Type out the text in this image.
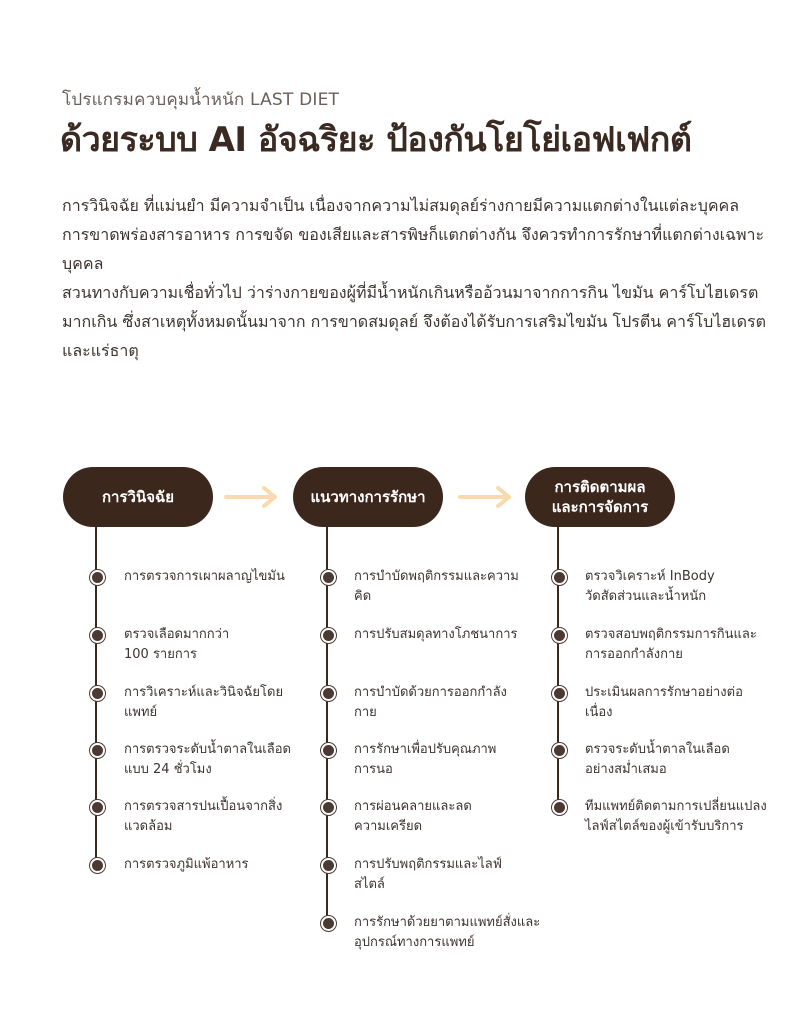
โปรแกรมควบคุมน้ำหนัก LAST DIET
ด้วยระบบ AI อัจฉริยะ ป้องกันโยโย่เอฟเฟกต์

การวินิจฉัย ที่แม่นยำ มีความจำเป็น เนื่องจากความไม่สมดุลย์ร่างกายมีความแตกต่างในแต่ละบุคคล การขาดพร่องสารอาหาร การขจัด ของเสียและสารพิษก็แตกต่างกัน จึงควรทำการรักษาที่แตกต่างเฉพาะบุคคล

สวนทางกับความเชื่อทั่วไป ว่าร่างกายของผู้ที่มีน้ำหนักเกินหรืออ้วนมาจากการกิน ไขมัน คาร์โบไฮเดรต มากเกิน ซึ่งสาเหตุทั้งหมดนั้นมาจาก การขาดสมดุลย์ จึงต้องได้รับการเสริมไขมัน โปรตีน คาร์โบไฮเดรต และแร่ธาตุ

การวินิจฉัย	แนวทางการรักษา
การติดตามผลและการจัดการ
การตรวจการเผาผลาญไขมัน
ตรวจเลือดมากกว่า
100 รายการ
การวิเคราะห์และวินิจฉัยโดยแพทย์
การตรวจระดับน้ำตาลในเลือดแบบ 24 ชั่วโมง
การตรวจสารปนเปื้อนจากสิ่งแวดล้อม
การตรวจภูมิแพ้อาหาร
การบำบัดพฤติกรรมและความคิด
การปรับสมดุลทางโภชนาการ
การบำบัดด้วยการออกกำลังกาย
การรักษาเพื่อปรับคุณภาพการนอ
การผ่อนคลายและลดความเครียด
การปรับพฤติกรรมและไลฟ์สไตล์
การรักษาด้วยยาตามแพทย์สั่งและอุปกรณ์ทางการแพทย์
ตรวจวิเคราะห์ InBody
วัดสัดส่วนและน้ำหนัก
ตรวจสอบพฤติกรรมการกินและการออกกำลังกาย
ประเมินผลการรักษาอย่างต่อเนื่อง
ตรวจระดับน้ำตาลในเลือดอย่างสม่ำเสมอ
ทีมแพทย์ติดตามการเปลี่ยนแปลงไลฟ์สไตล์ของผู้เข้ารับบริการ
